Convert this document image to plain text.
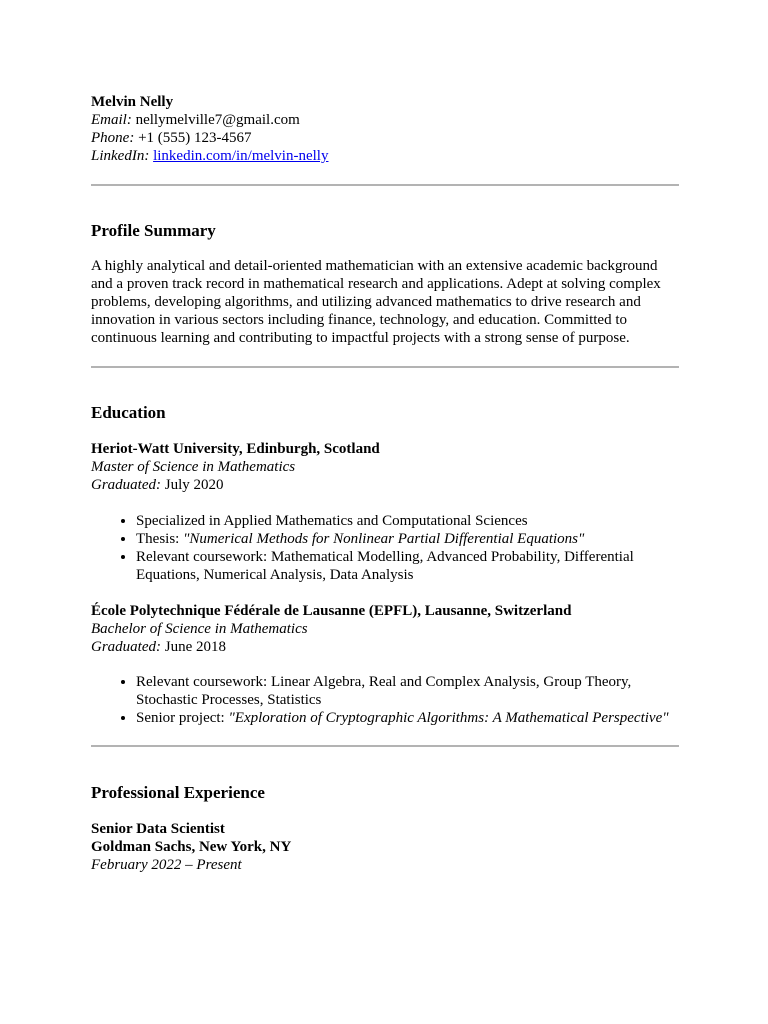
Melvin Nelly

Email: nellymelville7@gmail.com

Phone: +1 (555) 123-4567

LinkedIn: linkedin.com/in/melvin-nelly

Profile Summary

A highly analytical and detail-oriented mathematician with an extensive academic background and a proven track record in mathematical research and applications. Adept at solving complex problems, developing algorithms, and utilizing advanced mathematics to drive research and innovation in various sectors including finance, technology, and education. Committed to continuous learning and contributing to impactful projects with a strong sense of purpose.

Education

Heriot-Watt University, Edinburgh, Scotland

Master of Science in Mathematics

Graduated: July 2020

• Specialized in Applied Mathematics and Computational Sciences
• Thesis: "Numerical Methods for Nonlinear Partial Differential Equations"
• Relevant coursework: Mathematical Modelling, Advanced Probability, Differential Equations, Numerical Analysis, Data Analysis

École Polytechnique Fédérale de Lausanne (EPFL), Lausanne, Switzerland

Bachelor of Science in Mathematics

Graduated: June 2018

• Relevant coursework: Linear Algebra, Real and Complex Analysis, Group Theory, Stochastic Processes, Statistics
• Senior project: "Exploration of Cryptographic Algorithms: A Mathematical Perspective"
Professional Experience

Senior Data Scientist

Goldman Sachs, New York, NY

February 2022 – Present
